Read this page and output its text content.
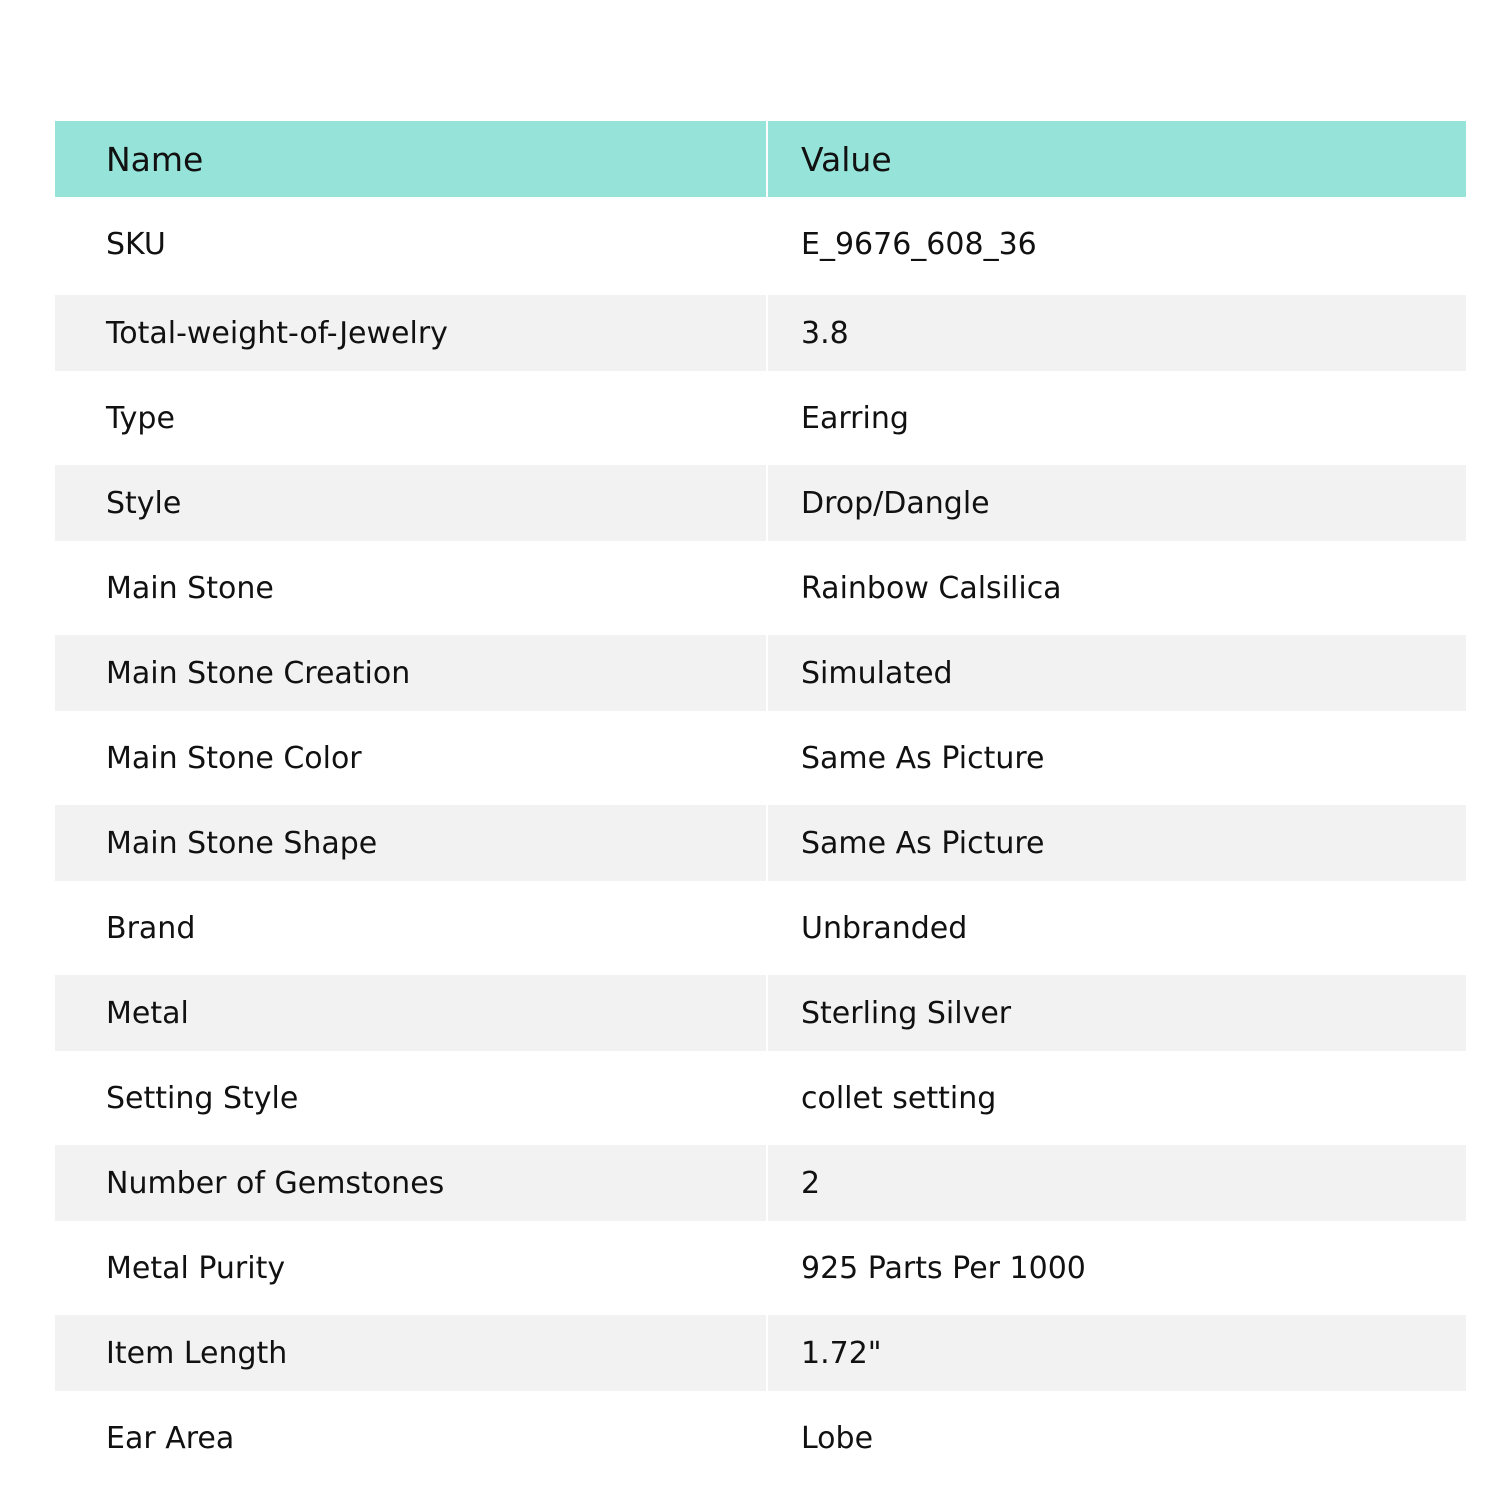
Name	Value
SKU	E_9676_608_36
Total-weight-of-Jewelry	3.8
Type	Earring
Style	Drop/Dangle
Main Stone	Rainbow Calsilica
Main Stone Creation	Simulated
Main Stone Color	Same As Picture
Main Stone Shape	Same As Picture
Brand	Unbranded
Metal	Sterling Silver
Setting Style	collet setting
Number of Gemstones	2
Metal Purity	925 Parts Per 1000
Item Length	1.72"
Ear Area	Lobe
